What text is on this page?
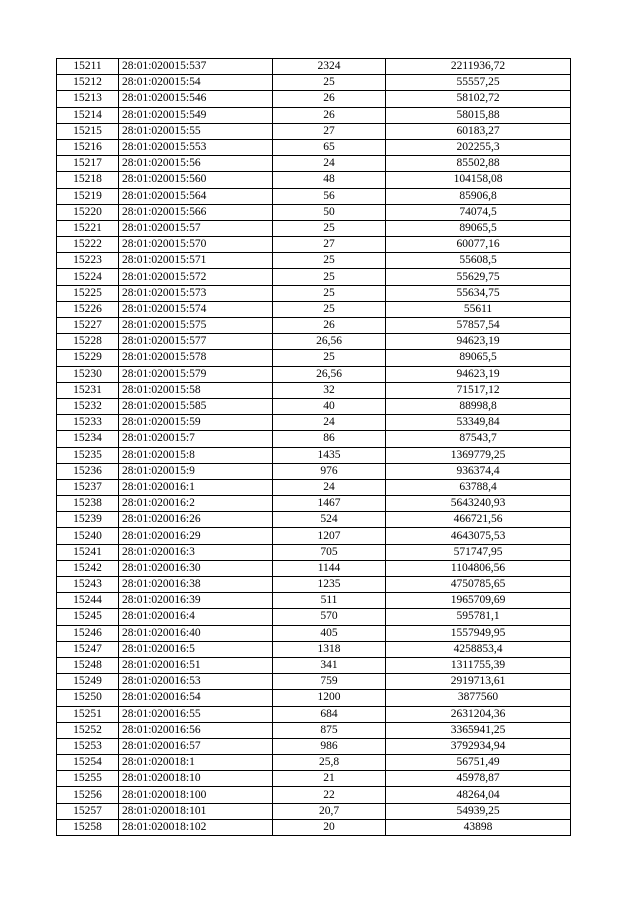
15211	28:01:020015:537	2324	2211936,72
15212	28:01:020015:54	25	55557,25
15213	28:01:020015:546	26	58102,72
15214	28:01:020015:549	26	58015,88
15215	28:01:020015:55	27	60183,27
15216	28:01:020015:553	65	202255,3
15217	28:01:020015:56	24	85502,88
15218	28:01:020015:560	48	104158,08
15219	28:01:020015:564	56	85906,8
15220	28:01:020015:566	50	74074,5
15221	28:01:020015:57	25	89065,5
15222	28:01:020015:570	27	60077,16
15223	28:01:020015:571	25	55608,5
15224	28:01:020015:572	25	55629,75
15225	28:01:020015:573	25	55634,75
15226	28:01:020015:574	25	55611
15227	28:01:020015:575	26	57857,54
15228	28:01:020015:577	26,56	94623,19
15229	28:01:020015:578	25	89065,5
15230	28:01:020015:579	26,56	94623,19
15231	28:01:020015:58	32	71517,12
15232	28:01:020015:585	40	88998,8
15233	28:01:020015:59	24	53349,84
15234	28:01:020015:7	86	87543,7
15235	28:01:020015:8	1435	1369779,25
15236	28:01:020015:9	976	936374,4
15237	28:01:020016:1	24	63788,4
15238	28:01:020016:2	1467	5643240,93
15239	28:01:020016:26	524	466721,56
15240	28:01:020016:29	1207	4643075,53
15241	28:01:020016:3	705	571747,95
15242	28:01:020016:30	1144	1104806,56
15243	28:01:020016:38	1235	4750785,65
15244	28:01:020016:39	511	1965709,69
15245	28:01:020016:4	570	595781,1
15246	28:01:020016:40	405	1557949,95
15247	28:01:020016:5	1318	4258853,4
15248	28:01:020016:51	341	1311755,39
15249	28:01:020016:53	759	2919713,61
15250	28:01:020016:54	1200	3877560
15251	28:01:020016:55	684	2631204,36
15252	28:01:020016:56	875	3365941,25
15253	28:01:020016:57	986	3792934,94
15254	28:01:020018:1	25,8	56751,49
15255	28:01:020018:10	21	45978,87
15256	28:01:020018:100	22	48264,04
15257	28:01:020018:101	20,7	54939,25
15258	28:01:020018:102	20	43898
